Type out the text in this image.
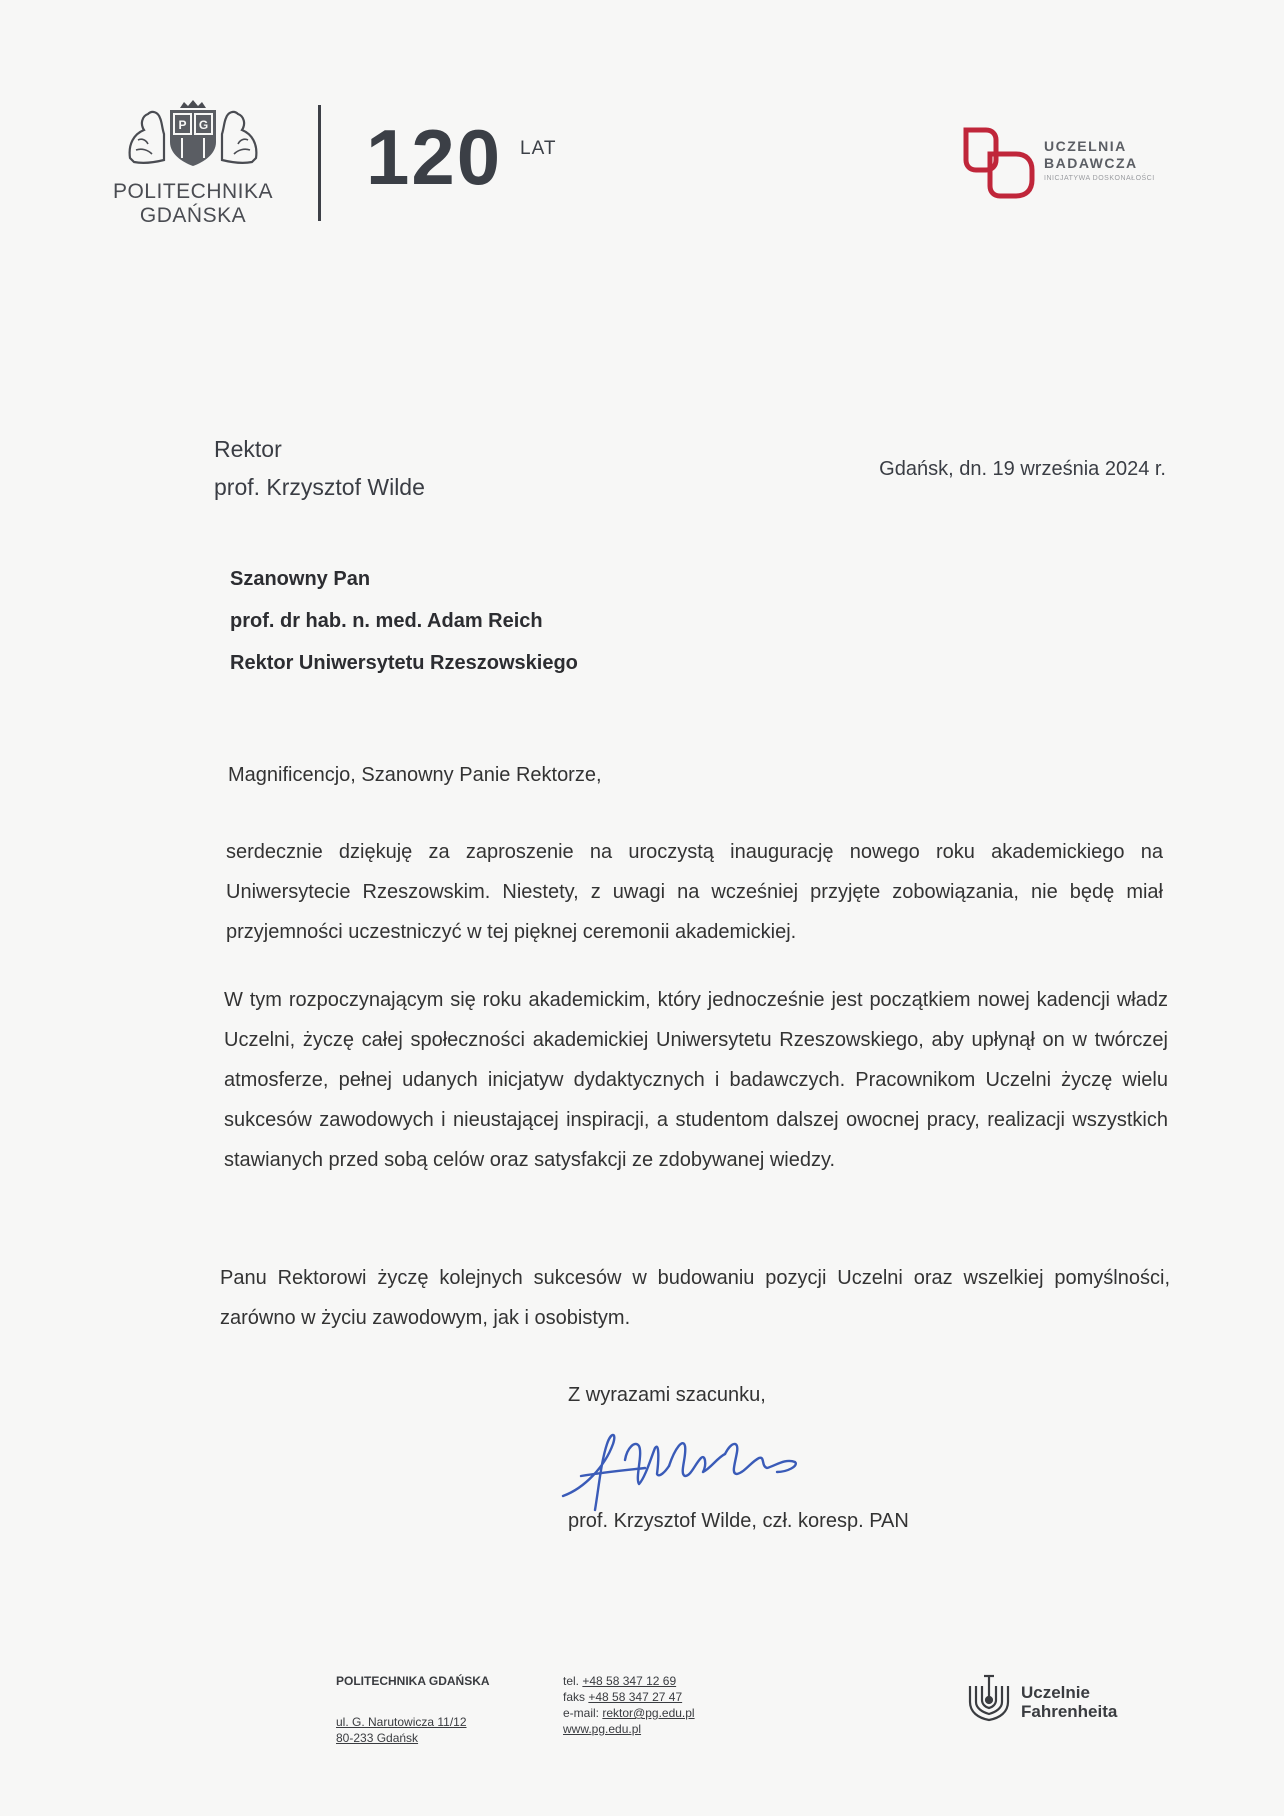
P G
POLITECHNIKA
GDAŃSKA
120 LAT	UCZELNIA
BADAWCZA
INICJATYWA DOSKONAŁOŚCI
Rektor
prof. Krzysztof Wilde
Gdańsk, dn. 19 września 2024 r.
Szanowny Pan
prof. dr hab. n. med. Adam Reich
Rektor Uniwersytetu Rzeszowskiego
Magnificencjo, Szanowny Panie Rektorze,
serdecznie dziękuję za zaproszenie na uroczystą inaugurację nowego roku akademickiego na Uniwersytecie Rzeszowskim. Niestety, z uwagi na wcześniej przyjęte zobowiązania, nie będę miał przyjemności uczestniczyć w tej pięknej ceremonii akademickiej.
W tym rozpoczynającym się roku akademickim, który jednocześnie jest początkiem nowej kadencji władz Uczelni, życzę całej społeczności akademickiej Uniwersytetu Rzeszowskiego, aby upłynął on w twórczej atmosferze, pełnej udanych inicjatyw dydaktycznych i badawczych. Pracownikom Uczelni życzę wielu sukcesów zawodowych i nieustającej inspiracji, a studentom dalszej owocnej pracy, realizacji wszystkich stawianych przed sobą celów oraz satysfakcji ze zdobywanej wiedzy.
Panu Rektorowi życzę kolejnych sukcesów w budowaniu pozycji Uczelni oraz wszelkiej pomyślności, zarówno w życiu zawodowym, jak i osobistym.
Z wyrazami szacunku,
prof. Krzysztof Wilde, czł. koresp. PAN
POLITECHNIKA GDAŃSKA
ul. G. Narutowicza 11/12
80-233 Gdańsk
tel. +48 58 347 12 69
faks +48 58 347 27 47
e-mail: rektor@pg.edu.pl
www.pg.edu.pl
Uczelnie
Fahrenheita
